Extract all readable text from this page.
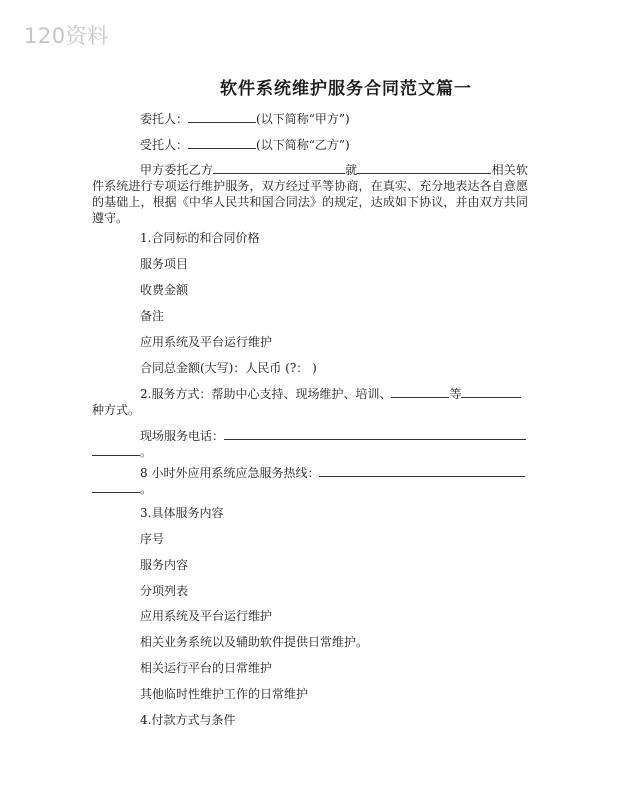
120资料
软件系统维护服务合同范文篇一
委托人：	(以下简称“甲方”)
受托人：	(以下简称“乙方”)
甲方委托乙方	就	相关软件系统进行专项运行维护服务，双方经过平等协商，在真实、充分地表达各自意愿的基础上，根据《中华人民共和国合同法》的规定，达成如下协议，并由双方共同遵守。
1.合同标的和合同价格
服务项目
收费金额
备注
应用系统及平台运行维护
合同总金额(大写)：人民币 (?： )
2.服务方式：帮助中心支持、现场维护、培训、	等
种方式。
现场服务电话：
。
8 小时外应用系统应急服务热线：
。
3.具体服务内容
序号
服务内容
分项列表
应用系统及平台运行维护
相关业务系统以及辅助软件提供日常维护。
相关运行平台的日常维护
其他临时性维护工作的日常维护
4.付款方式与条件
